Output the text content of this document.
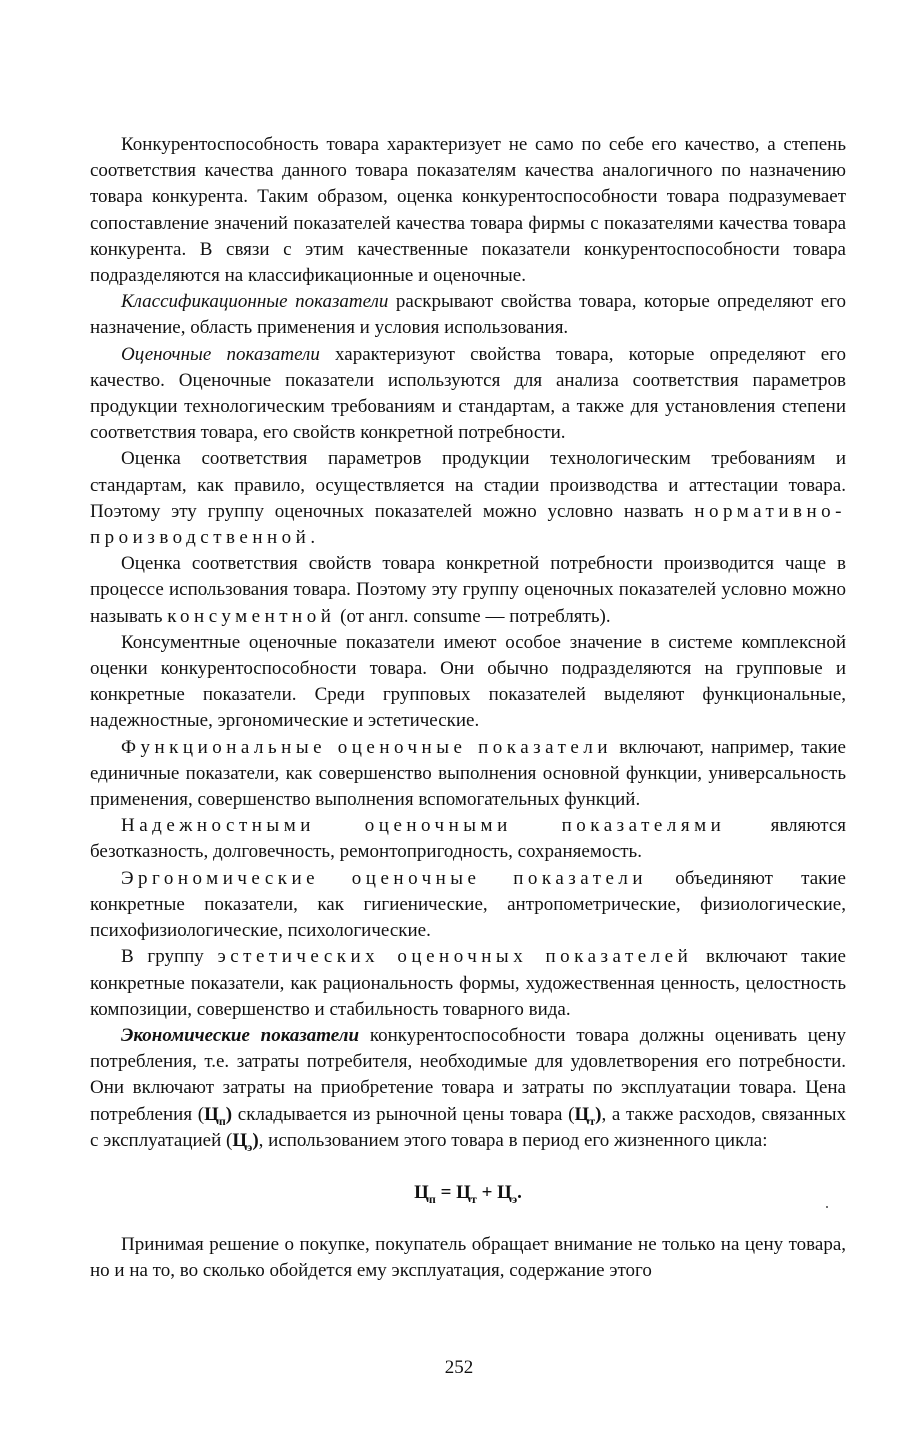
Конкурентоспособность товара характеризует не само по себе его качество, а степень соответствия качества данного товара показателям качества аналогичного по назначению товара конкурента. Таким образом, оценка конкурентоспособности товара подразумевает сопоставление значений показателей качества товара фирмы с показателями качества товара конкурента. В связи с этим качественные показатели конкурентоспособности товара подразделяются на классификационные и оценочные.

Классификационные показатели раскрывают свойства товара, которые определяют его назначение, область применения и условия использования.

Оценочные показатели характеризуют свойства товара, которые определяют его качество. Оценочные показатели используются для анализа соответствия параметров продукции технологическим требованиям и стандартам, а также для установления степени соответствия товара, его свойств конкретной потребности.

Оценка соответствия параметров продукции технологическим требованиям и стандартам, как правило, осуществляется на стадии производства и аттестации товара. Поэтому эту группу оценочных показателей можно условно назвать нормативно-производственной.

Оценка соответствия свойств товара конкретной потребности производится чаще в процессе использования товара. Поэтому эту группу оценочных показателей условно можно называть консументной (от англ. consume — потреблять).

Консументные оценочные показатели имеют особое значение в системе комплексной оценки конкурентоспособности товара. Они обычно подразделяются на групповые и конкретные показатели. Среди групповых показателей выделяют функциональные, надежностные, эргономические и эстетические.

Функциональные оценочные показатели включают, например, такие единичные показатели, как совершенство выполнения основной функции, универсальность применения, совершенство выполнения вспомогательных функций.

Надежностными оценочными показателями являются безотказность, долговечность, ремонтопригодность, сохраняемость.

Эргономические оценочные показатели объединяют такие конкретные показатели, как гигиенические, антропометрические, физиологические, психофизиологические, психологические.

В группу эстетических оценочных показателей включают такие конкретные показатели, как рациональность формы, художественная ценность, целостность композиции, совершенство и стабильность товарного вида.

Экономические показатели конкурентоспособности товара должны оценивать цену потребления, т.е. затраты потребителя, необходимые для удовлетворения его потребности. Они включают затраты на приобретение товара и затраты по эксплуатации товара. Цена потребления $(Ц_п)$ складывается из рыночной цены товара $(Ц_т)$, а также расходов, связанных с эксплуатацией $(Ц_э)$, использованием этого товара в период его жизненного цикла:

$Ц_п = Ц_т + Ц_э$.

Принимая решение о покупке, покупатель обращает внимание не только на цену товара, но и на то, во сколько обойдется ему эксплуатация, содержание этого

252
